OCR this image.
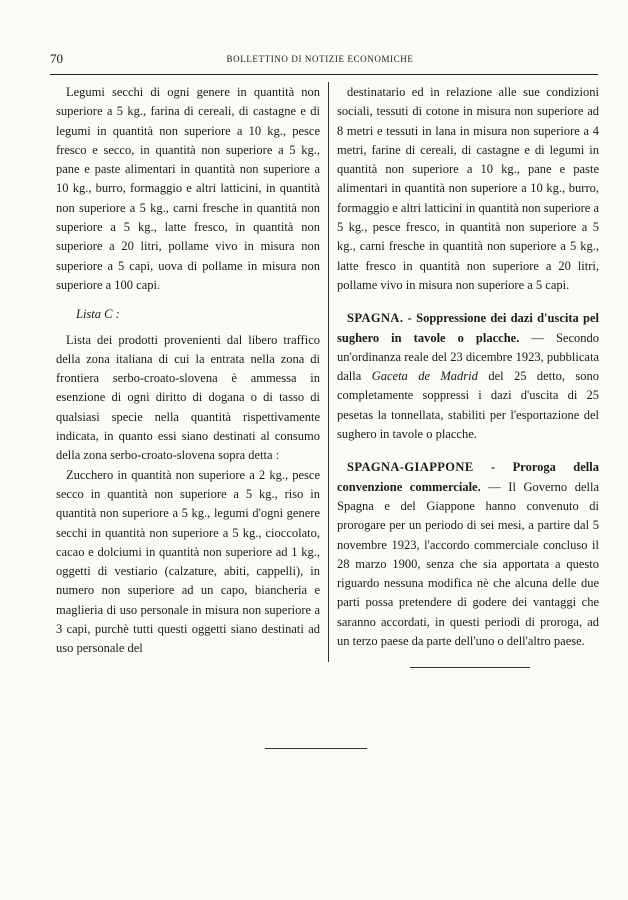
70	BOLLETTINO DI NOTIZIE ECONOMICHE

Legumi secchi di ogni genere in quantità non superiore a 5 kg., farina di cereali, di castagne e di legumi in quantità non superiore a 10 kg., pesce fresco e secco, in quantità non superiore a 5 kg., pane e paste alimentari in quantità non superiore a 10 kg., burro, formaggio e altri latticini, in quantità non superiore a 5 kg., carni fresche in quantità non superiore a 5 kg., latte fresco, in quantità non superiore a 20 litri, pollame vivo in misura non superiore a 5 capi, uova di pollame in misura non superiore a 100 capi.

Lista C :

Lista dei prodotti provenienti dal libero traffico della zona italiana di cui la entrata nella zona di frontiera serbo-croato-slovena è ammessa in esenzione di ogni diritto di dogana o di tasso di qualsiasi specie nella quantità rispettivamente indicata, in quanto essi siano destinati al consumo della zona serbo-croato-slovena sopra detta :

Zucchero in quantità non superiore a 2 kg., pesce secco in quantità non superiore a 5 kg., riso in quantità non superiore a 5 kg., legumi d'ogni genere secchi in quantità non superiore a 5 kg., cioccolato, cacao e dolciumi in quantità non superiore ad 1 kg., oggetti di vestiario (calzature, abiti, cappelli), in numero non superiore ad un capo, biancheria e maglieria di uso personale in misura non superiore a 3 capi, purchè tutti questi oggetti siano destinati ad uso personale del

destinatario ed in relazione alle sue condizioni sociali, tessuti di cotone in misura non superiore ad 8 metri e tessuti in lana in misura non superiore a 4 metri, farine di cereali, di castagne e di legumi in quantità non superiore a 10 kg., pane e paste alimentari in quantità non superiore a 10 kg., burro, formaggio e altri latticini in quantità non superiore a 5 kg., pesce fresco, in quantità non superiore a 5 kg., carni fresche in quantità non superiore a 5 kg., latte fresco in quantità non superiore a 20 litri, pollame vivo in misura non superiore a 5 capi.

SPAGNA. - Soppressione dei dazi d'uscita pel sughero in tavole o placche. — Secondo un'ordinanza reale del 23 dicembre 1923, pubblicata dalla Gaceta de Madrid del 25 detto, sono completamente soppressi i dazi d'uscita di 25 pesetas la tonnellata, stabiliti per l'esportazione del sughero in tavole o placche.

SPAGNA-GIAPPONE - Proroga della convenzione commerciale. — Il Governo della Spagna e del Giappone hanno convenuto di prorogare per un periodo di sei mesi, a partire dal 5 novembre 1923, l'accordo commerciale concluso il 28 marzo 1900, senza che sia apportata a questo riguardo nessuna modifica nè che alcuna delle due parti possa pretendere di godere dei vantaggi che saranno accordati, in questi periodi di proroga, ad un terzo paese da parte dell'uno o dell'altro paese.
